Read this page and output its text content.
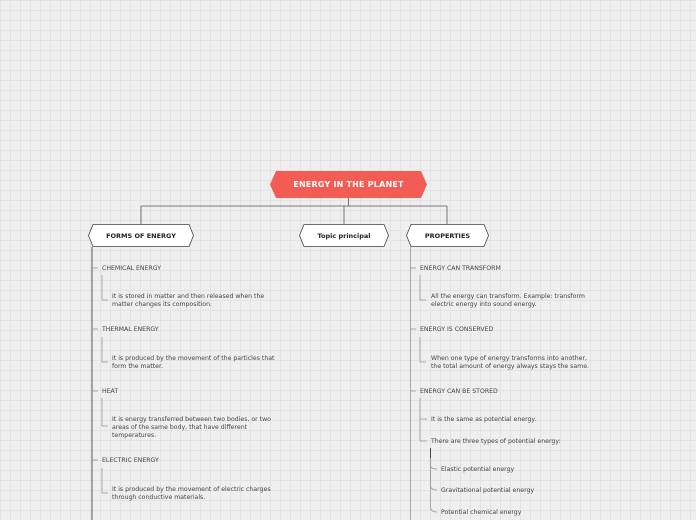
ENERGY IN THE PLANET
FORMS OF ENERGY	Topic principal	PROPERTIES
CHEMICAL ENERGY
It is stored in matter and then released when the
matter changes its composition.
THERMAL ENERGY
It is produced by the movement of the particles that
form the matter.
HEAT
It is energy transferred between two bodies, or two
areas of the same body, that have different
temperatures.
ELECTRIC ENERGY
It is produced by the movement of electric charges
through conductive materials.
ENERGY CAN TRANSFORM
All the energy can transform. Example: transform
electric energy into sound energy.
ENERGY IS CONSERVED
When one type of energy transforms into another,
the total amount of energy always stays the same.
ENERGY CAN BE STORED
It is the same as potential energy.
There are three types of potential energy:
Elastic potential energy
Gravitational potential energy
Potential chemical energy
